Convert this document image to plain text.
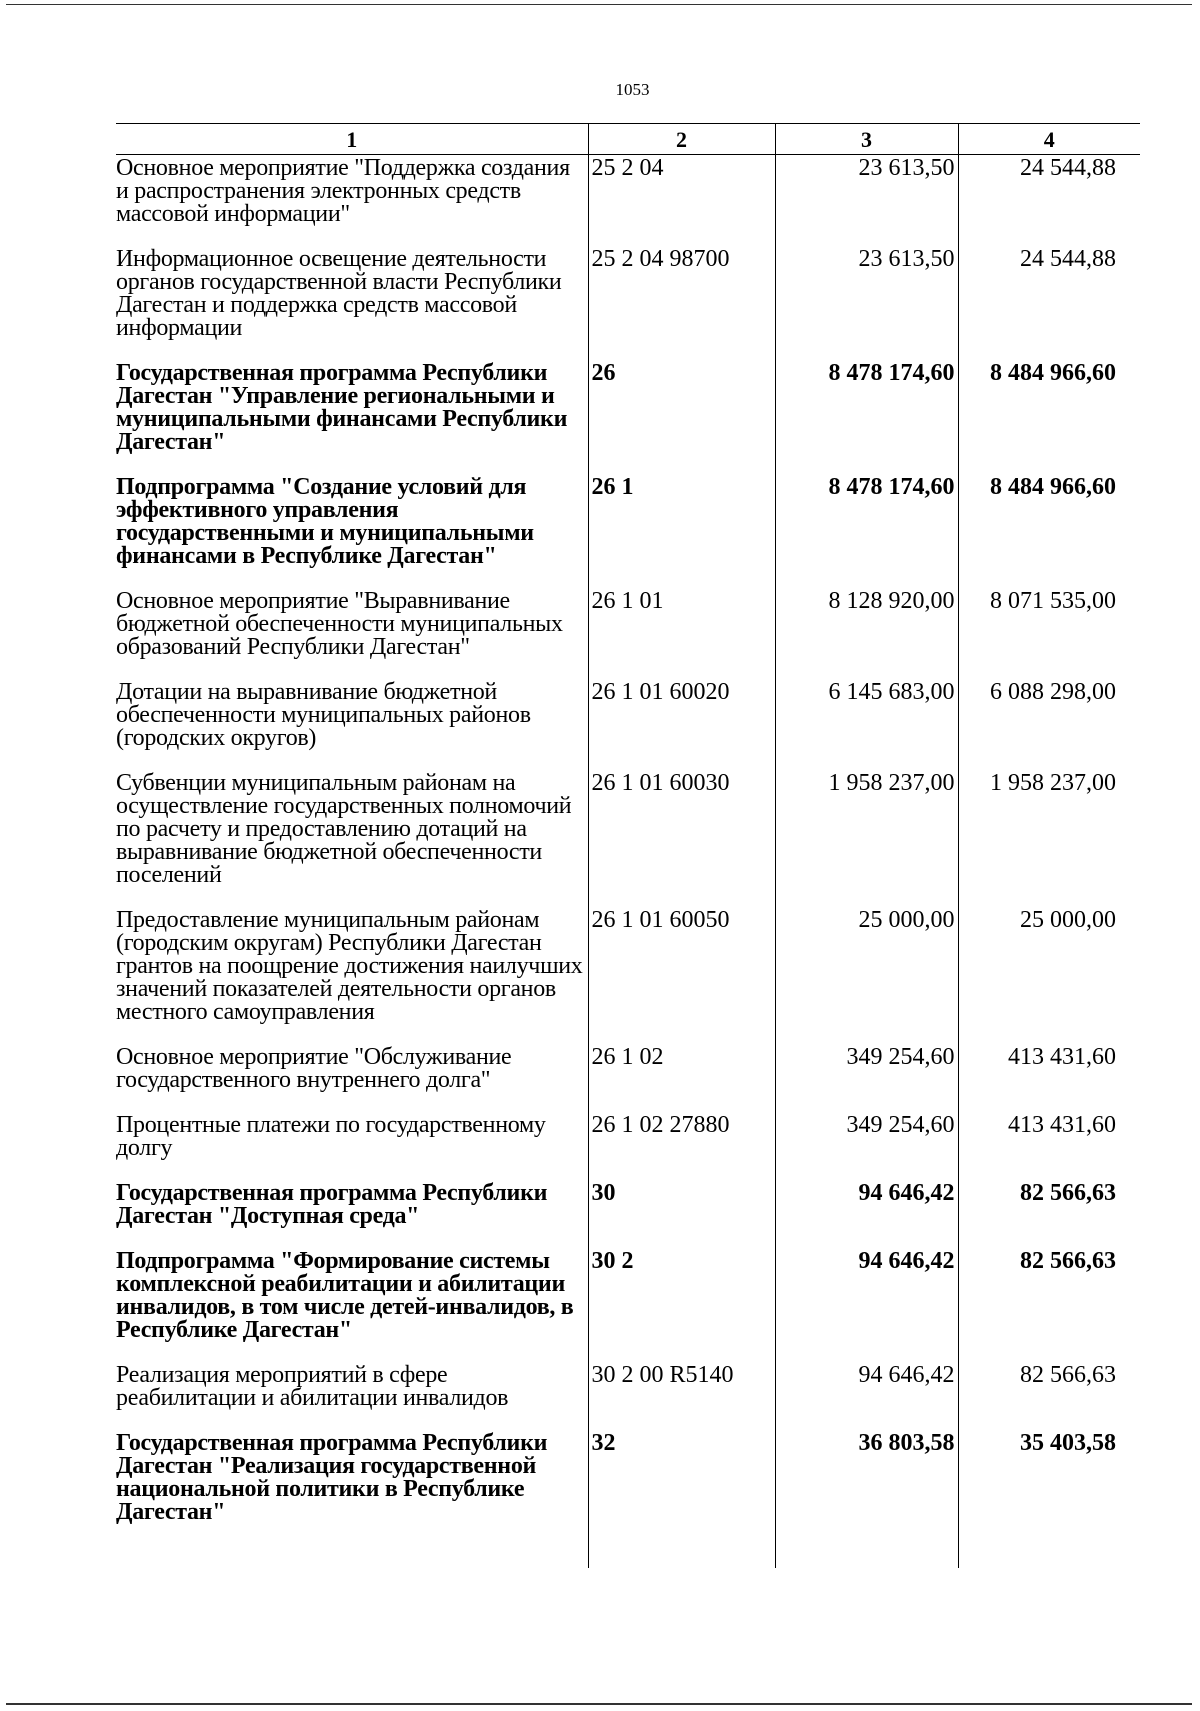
1053
1	2	3	4
Основное мероприятие "Поддержка создания и распространения электронных средств массовой информации"	25 2 04	23 613,50	24 544,88
Информационное освещение деятельности органов государственной власти Республики Дагестан и поддержка средств массовой информации	25 2 04 98700	23 613,50	24 544,88
Государственная программа Республики Дагестан "Управление региональными и муниципальными финансами Республики Дагестан"	26	8 478 174,60	8 484 966,60
Подпрограмма "Создание условий для эффективного управления государственными и муниципальными финансами в Республике Дагестан"	26 1	8 478 174,60	8 484 966,60
Основное мероприятие "Выравнивание бюджетной обеспеченности муниципальных образований Республики Дагестан"	26 1 01	8 128 920,00	8 071 535,00
Дотации на выравнивание бюджетной обеспеченности муниципальных районов (городских округов)	26 1 01 60020	6 145 683,00	6 088 298,00
Субвенции муниципальным районам на осуществление государственных полномочий по расчету и предоставлению дотаций на выравнивание бюджетной обеспеченности поселений	26 1 01 60030	1 958 237,00	1 958 237,00
Предоставление муниципальным районам (городским округам) Республики Дагестан грантов на поощрение достижения наилучших значений показателей деятельности органов местного самоуправления	26 1 01 60050	25 000,00	25 000,00
Основное мероприятие "Обслуживание государственного внутреннего долга"	26 1 02	349 254,60	413 431,60
Процентные платежи по государственному долгу	26 1 02 27880	349 254,60	413 431,60
Государственная программа Республики Дагестан "Доступная среда"	30	94 646,42	82 566,63
Подпрограмма "Формирование системы комплексной реабилитации и абилитации инвалидов, в том числе детей-инвалидов, в Республике Дагестан"	30 2	94 646,42	82 566,63
Реализация мероприятий в сфере реабилитации и абилитации инвалидов	30 2 00 R5140	94 646,42	82 566,63
Государственная программа Республики Дагестан "Реализация государственной национальной политики в Республике Дагестан"	32	36 803,58	35 403,58
